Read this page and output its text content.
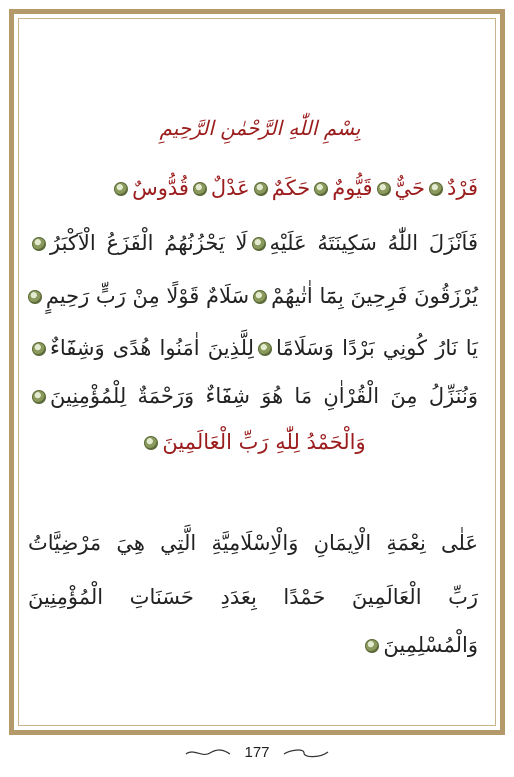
بِسْمِ اللّٰهِ الرَّحْمٰنِ الرَّحِيمِ
فَرْدٌحَيٌّقَيُّومٌحَكَمٌعَدْلٌقُدُّوسٌ
فَاَنْزَلَ اللّٰهُ سَكِينَتَهُ عَلَيْهِلَا يَحْزُنُهُمُ الْفَزَعُ الْاَكْبَرُ
يُرْزَقُونَ فَرِحِينَ بِمَٓا اٰتٰيهُمْسَلَامٌ قَوْلًا مِنْ رَبٍّ رَحِيمٍ
يَا نَارُ كُونِي بَرْدًا وَسَلَامًالِلَّذِينَ اٰمَنُوا هُدًى وَشِفَٓاءٌ
وَنُنَزِّلُ مِنَ الْقُرْاٰنِ مَا هُوَ شِفَٓاءٌ وَرَحْمَةٌ لِلْمُؤْمِنِينَ
وَالْحَمْدُ لِلّٰهِ رَبِّ الْعَالَمِينَ
عَلٰى نِعْمَةِ الْاِيمَانِ وَالْاِسْلَامِيَّةِ الَّتِي هِيَ مَرْضِيَّاتُ
رَبِّ الْعَالَمِينَ حَمْدًا بِعَدَدِ حَسَنَاتِ الْمُؤْمِنِينَ
وَالْمُسْلِمِينَ
177
